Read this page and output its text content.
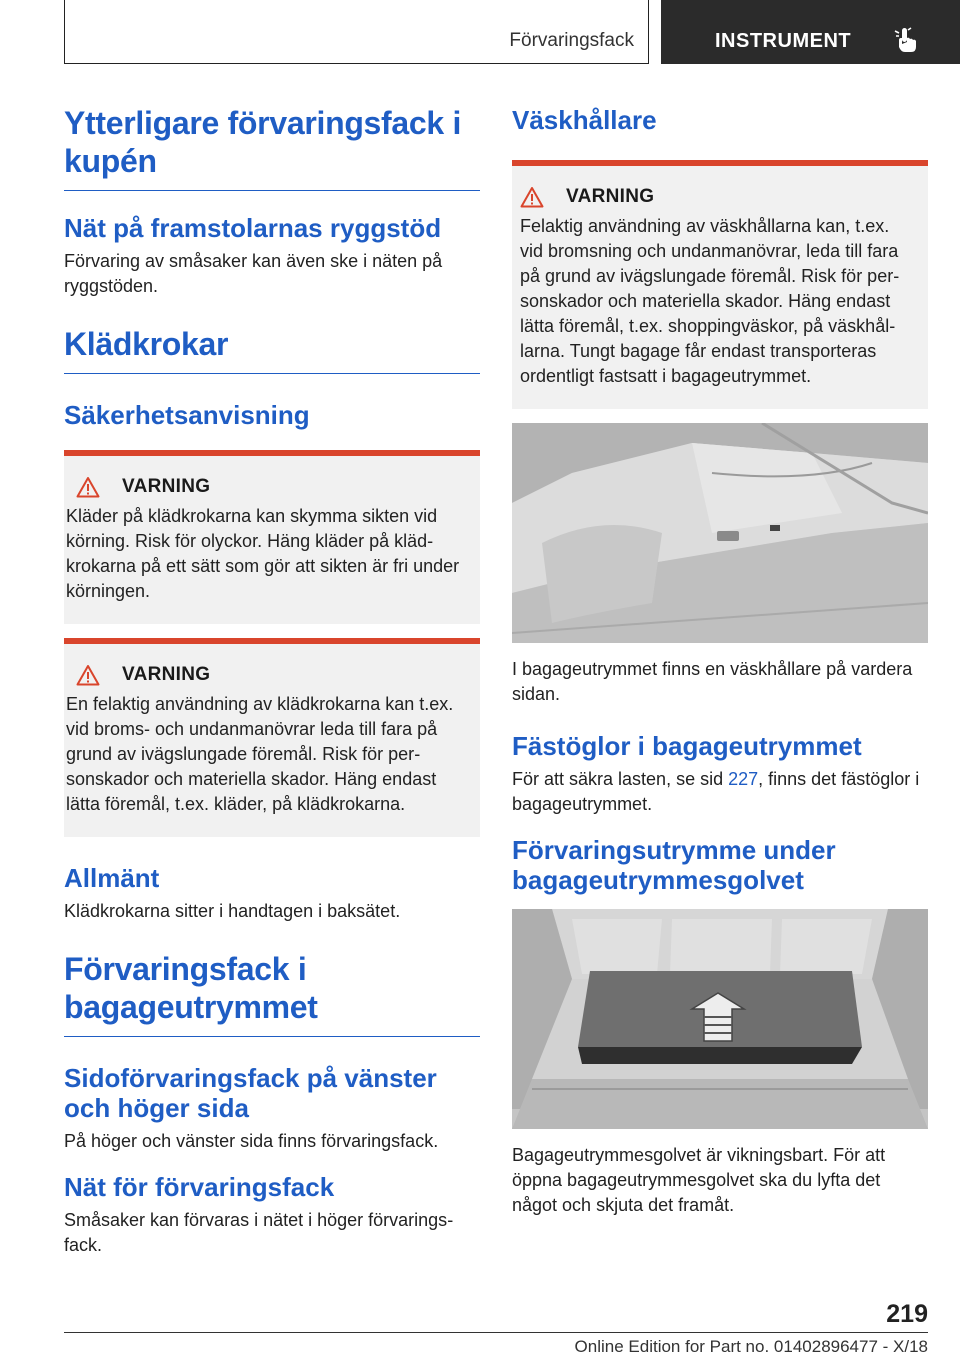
Förvaringsfack	INSTRUMENT
Ytterligare förvaringsfack i kupén
Nät på framstolarnas ryggstöd

Förvaring av småsaker kan även ske i näten på ryggstöden.

Klädkrokar
Säkerhetsanvisning
VARNING

Kläder på klädkrokarna kan skymma sikten vid körning. Risk för olyckor. Häng kläder på klädkrokarna på ett sätt som gör att sikten är fri under körningen.

VARNING

En felaktig användning av klädkrokarna kan t.ex. vid broms- och undanmanövrar leda till fara på grund av ivägslungade föremål. Risk för personskador och materiella skador. Häng endast lätta föremål, t.ex. kläder, på klädkrokarna.

Allmänt

Klädkrokarna sitter i handtagen i baksätet.

Förvaringsfack i bagageutrymmet
Sidoförvaringsfack på vänster och höger sida

På höger och vänster sida finns förvaringsfack.

Nät för förvaringsfack

Småsaker kan förvaras i nätet i höger förvaringsfack.

Väskhållare
VARNING

Felaktig användning av väskhållarna kan, t.ex. vid bromsning och undanmanövrar, leda till fara på grund av ivägslungade föremål. Risk för personskador och materiella skador. Häng endast lätta föremål, t.ex. shoppingväskor, på väskhållarna. Tungt bagage får endast transporteras ordentligt fastsatt i bagageutrymmet.

I bagageutrymmet finns en väskhållare på vardera sidan.

Fästöglor i bagageutrymmet

För att säkra lasten, se sid 227, finns det fästöglor i bagageutrymmet.

Förvaringsutrymme under bagageutrymmesgolvet

Bagageutrymmesgolvet är vikningsbart. För att öppna bagageutrymmesgolvet ska du lyfta det något och skjuta det framåt.

219
Online Edition for Part no. 01402896477 - X/18
